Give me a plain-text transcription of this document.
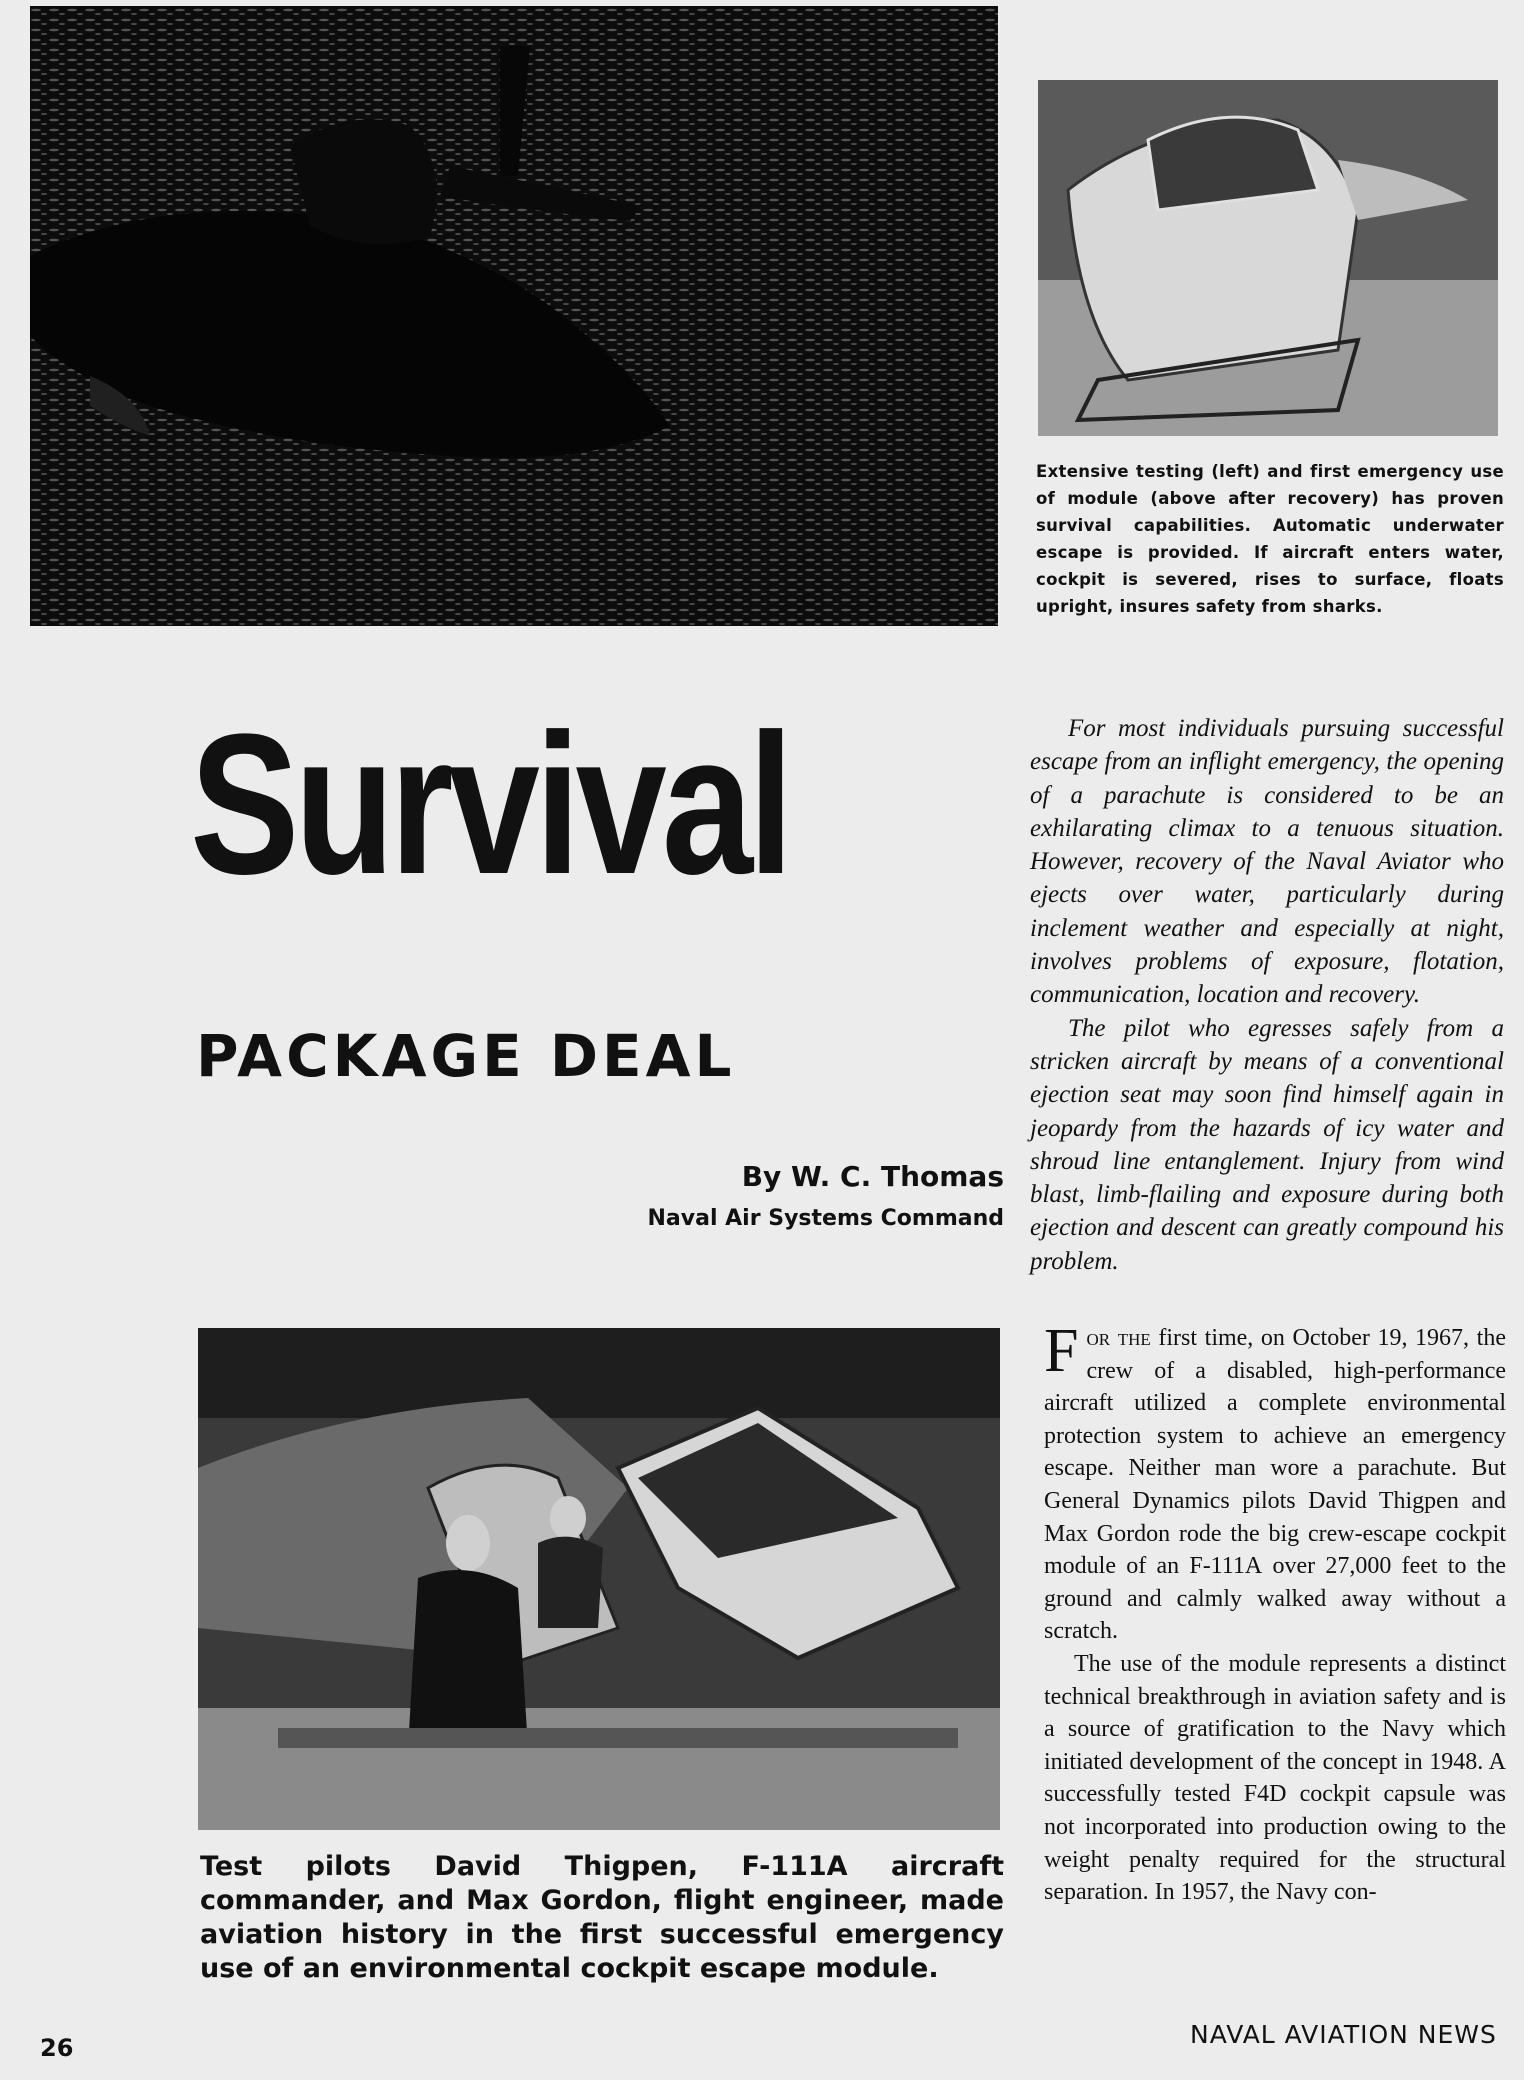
Extensive testing (left) and first emergency use of module (above after recovery) has proven survival capabilities. Automatic underwater escape is provided. If aircraft enters water, cockpit is severed, rises to surface, floats upright, insures safety from sharks.
Survival
PACKAGE DEAL
By W. C. Thomas
Naval Air Systems Command

For most individuals pursuing successful escape from an inflight emergency, the opening of a parachute is considered to be an exhilarating climax to a tenuous situation. However, recovery of the Naval Aviator who ejects over water, particularly during inclement weather and especially at night, involves problems of exposure, flotation, communication, location and recovery.

The pilot who egresses safely from a stricken aircraft by means of a conventional ejection seat may soon find himself again in jeopardy from the hazards of icy water and shroud line entanglement. Injury from wind blast, limb-flailing and exposure during both ejection and descent can greatly compound his problem.

For the first time, on October 19, 1967, the crew of a disabled, high-performance aircraft utilized a complete environmental protection system to achieve an emergency escape. Neither man wore a parachute. But General Dynamics pilots David Thigpen and Max Gordon rode the big crew-escape cockpit module of an F-111A over 27,000 feet to the ground and calmly walked away without a scratch.

The use of the module represents a distinct technical breakthrough in aviation safety and is a source of gratification to the Navy which initiated development of the concept in 1948. A successfully tested F4D cockpit capsule was not incorporated into production owing to the weight penalty required for the structural separation. In 1957, the Navy con-

Test pilots David Thigpen, F-111A aircraft commander, and Max Gordon, flight engineer, made aviation history in the first successful emergency use of an environmental cockpit escape module.
26	NAVAL AVIATION NEWS
